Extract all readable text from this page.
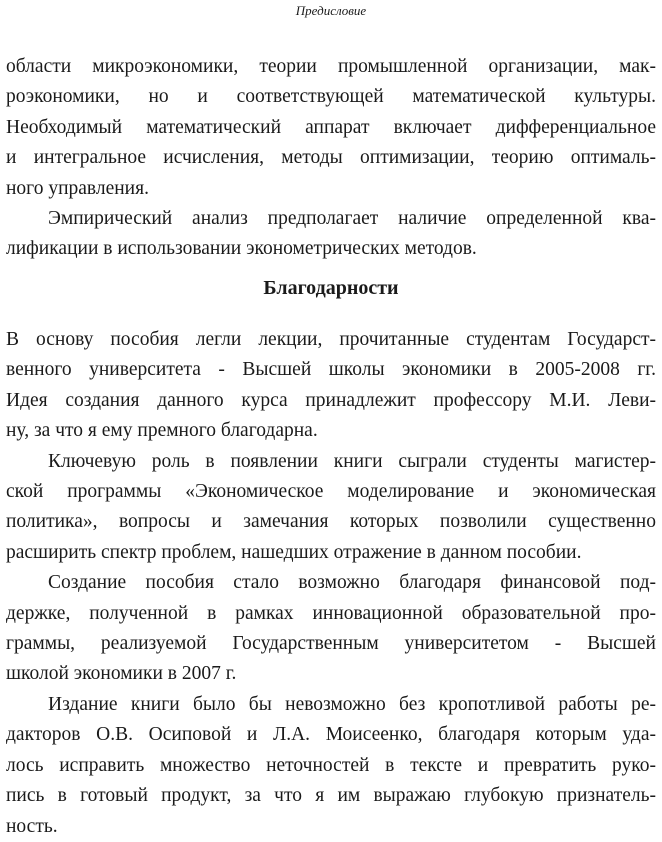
Предисловие
области микроэкономики, теории промышленной организации, мак-
роэкономики, но и соответствующей математической культуры.
Необходимый математический аппарат включает дифференциальное
и интегральное исчисления, методы оптимизации, теорию оптималь-
ного управления.
Эмпирический анализ предполагает наличие определенной ква-
лификации в использовании эконометрических методов.
Благодарности
В основу пособия легли лекции, прочитанные студентам Государст-
венного университета - Высшей школы экономики в 2005-2008 гг.
Идея создания данного курса принадлежит профессору М.И. Леви-
ну, за что я ему премного благодарна.
Ключевую роль в появлении книги сыграли студенты магистер-
ской программы «Экономическое моделирование и экономическая
политика», вопросы и замечания которых позволили существенно
расширить спектр проблем, нашедших отражение в данном пособии.
Создание пособия стало возможно благодаря финансовой под-
держке, полученной в рамках инновационной образовательной про-
граммы, реализуемой Государственным университетом - Высшей
школой экономики в 2007 г.
Издание книги было бы невозможно без кропотливой работы ре-
дакторов О.В. Осиповой и Л.А. Моисеенко, благодаря которым уда-
лось исправить множество неточностей в тексте и превратить руко-
пись в готовый продукт, за что я им выражаю глубокую признатель-
ность.
